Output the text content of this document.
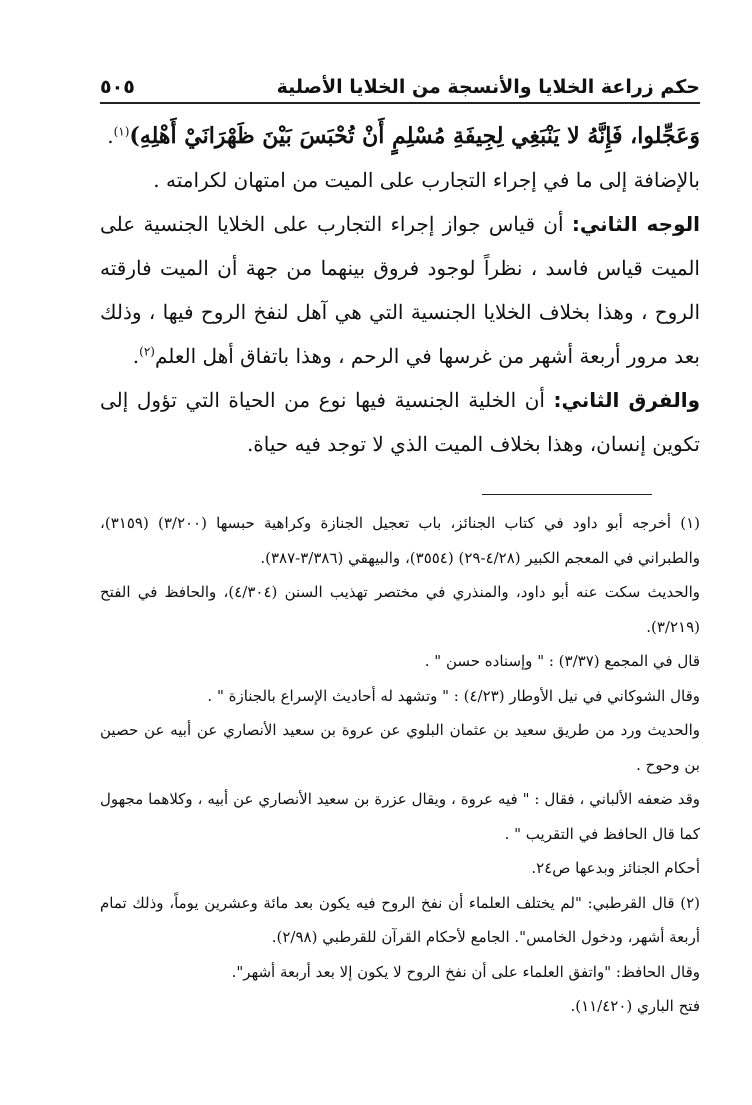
حكم زراعة الخلايا والأنسجة من الخلايا الأصلية
٥٠٥

وَعَجِّلوا، فَإِنَّهُ لا يَنْبَغِي لِجِيفَةِ مُسْلِمٍ أَنْ تُحْبَسَ بَيْنَ ظَهْرَانَيْ أَهْلِهِ)$^{(١)}$.

بالإضافة إلى ما في إجراء التجارب على الميت من امتهان لكرامته .

الوجه الثاني: أن قياس جواز إجراء التجارب على الخلايا الجنسية على الميت قياس فاسد ، نظراً لوجود فروق بينهما من جهة أن الميت فارقته الروح ، وهذا بخلاف الخلايا الجنسية التي هي آهل لنفخ الروح فيها ، وذلك بعد مرور أربعة أشهر من غرسها في الرحم ، وهذا باتفاق أهل العلم$^{(٢)}$.

والفرق الثاني: أن الخلية الجنسية فيها نوع من الحياة التي تؤول إلى تكوين إنسان، وهذا بخلاف الميت الذي لا توجد فيه حياة.

(١) أخرجه أبو داود في كتاب الجنائز، باب تعجيل الجنازة وكراهية حبسها (٣/٢٠٠) (٣١٥٩)، والطبراني في المعجم الكبير (٤/٢٨-٢٩) (٣٥٥٤)، والبيهقي (٣/٣٨٦-٣٨٧).

والحديث سكت عنه أبو داود، والمنذري في مختصر تهذيب السنن (٤/٣٠٤)، والحافظ في الفتح (٣/٢١٩).

قال في المجمع (٣/٣٧) : " وإسناده حسن " .

وقال الشوكاني في نيل الأوطار (٤/٢٣) : " وتشهد له أحاديث الإسراع بالجنازة " .

والحديث ورد من طريق سعيد بن عثمان البلوي عن عروة بن سعيد الأنصاري عن أبيه عن حصين بن وحوح .

وقد ضعفه الألباني ، فقال : " فيه عروة ، ويقال عزرة بن سعيد الأنصاري عن أبيه ، وكلاهما مجهول كما قال الحافظ في التقريب " .

أحكام الجنائز وبدعها ص٢٤.

(٢) قال القرطبي: "لم يختلف العلماء أن نفخ الروح فيه يكون بعد مائة وعشرين يوماً، وذلك تمام أربعة أشهر، ودخول الخامس". الجامع لأحكام القرآن للقرطبي (٢/٩٨).

وقال الحافظ: "واتفق العلماء على أن نفخ الروح لا يكون إلا بعد أربعة أشهر".

فتح الباري (١١/٤٢٠).
